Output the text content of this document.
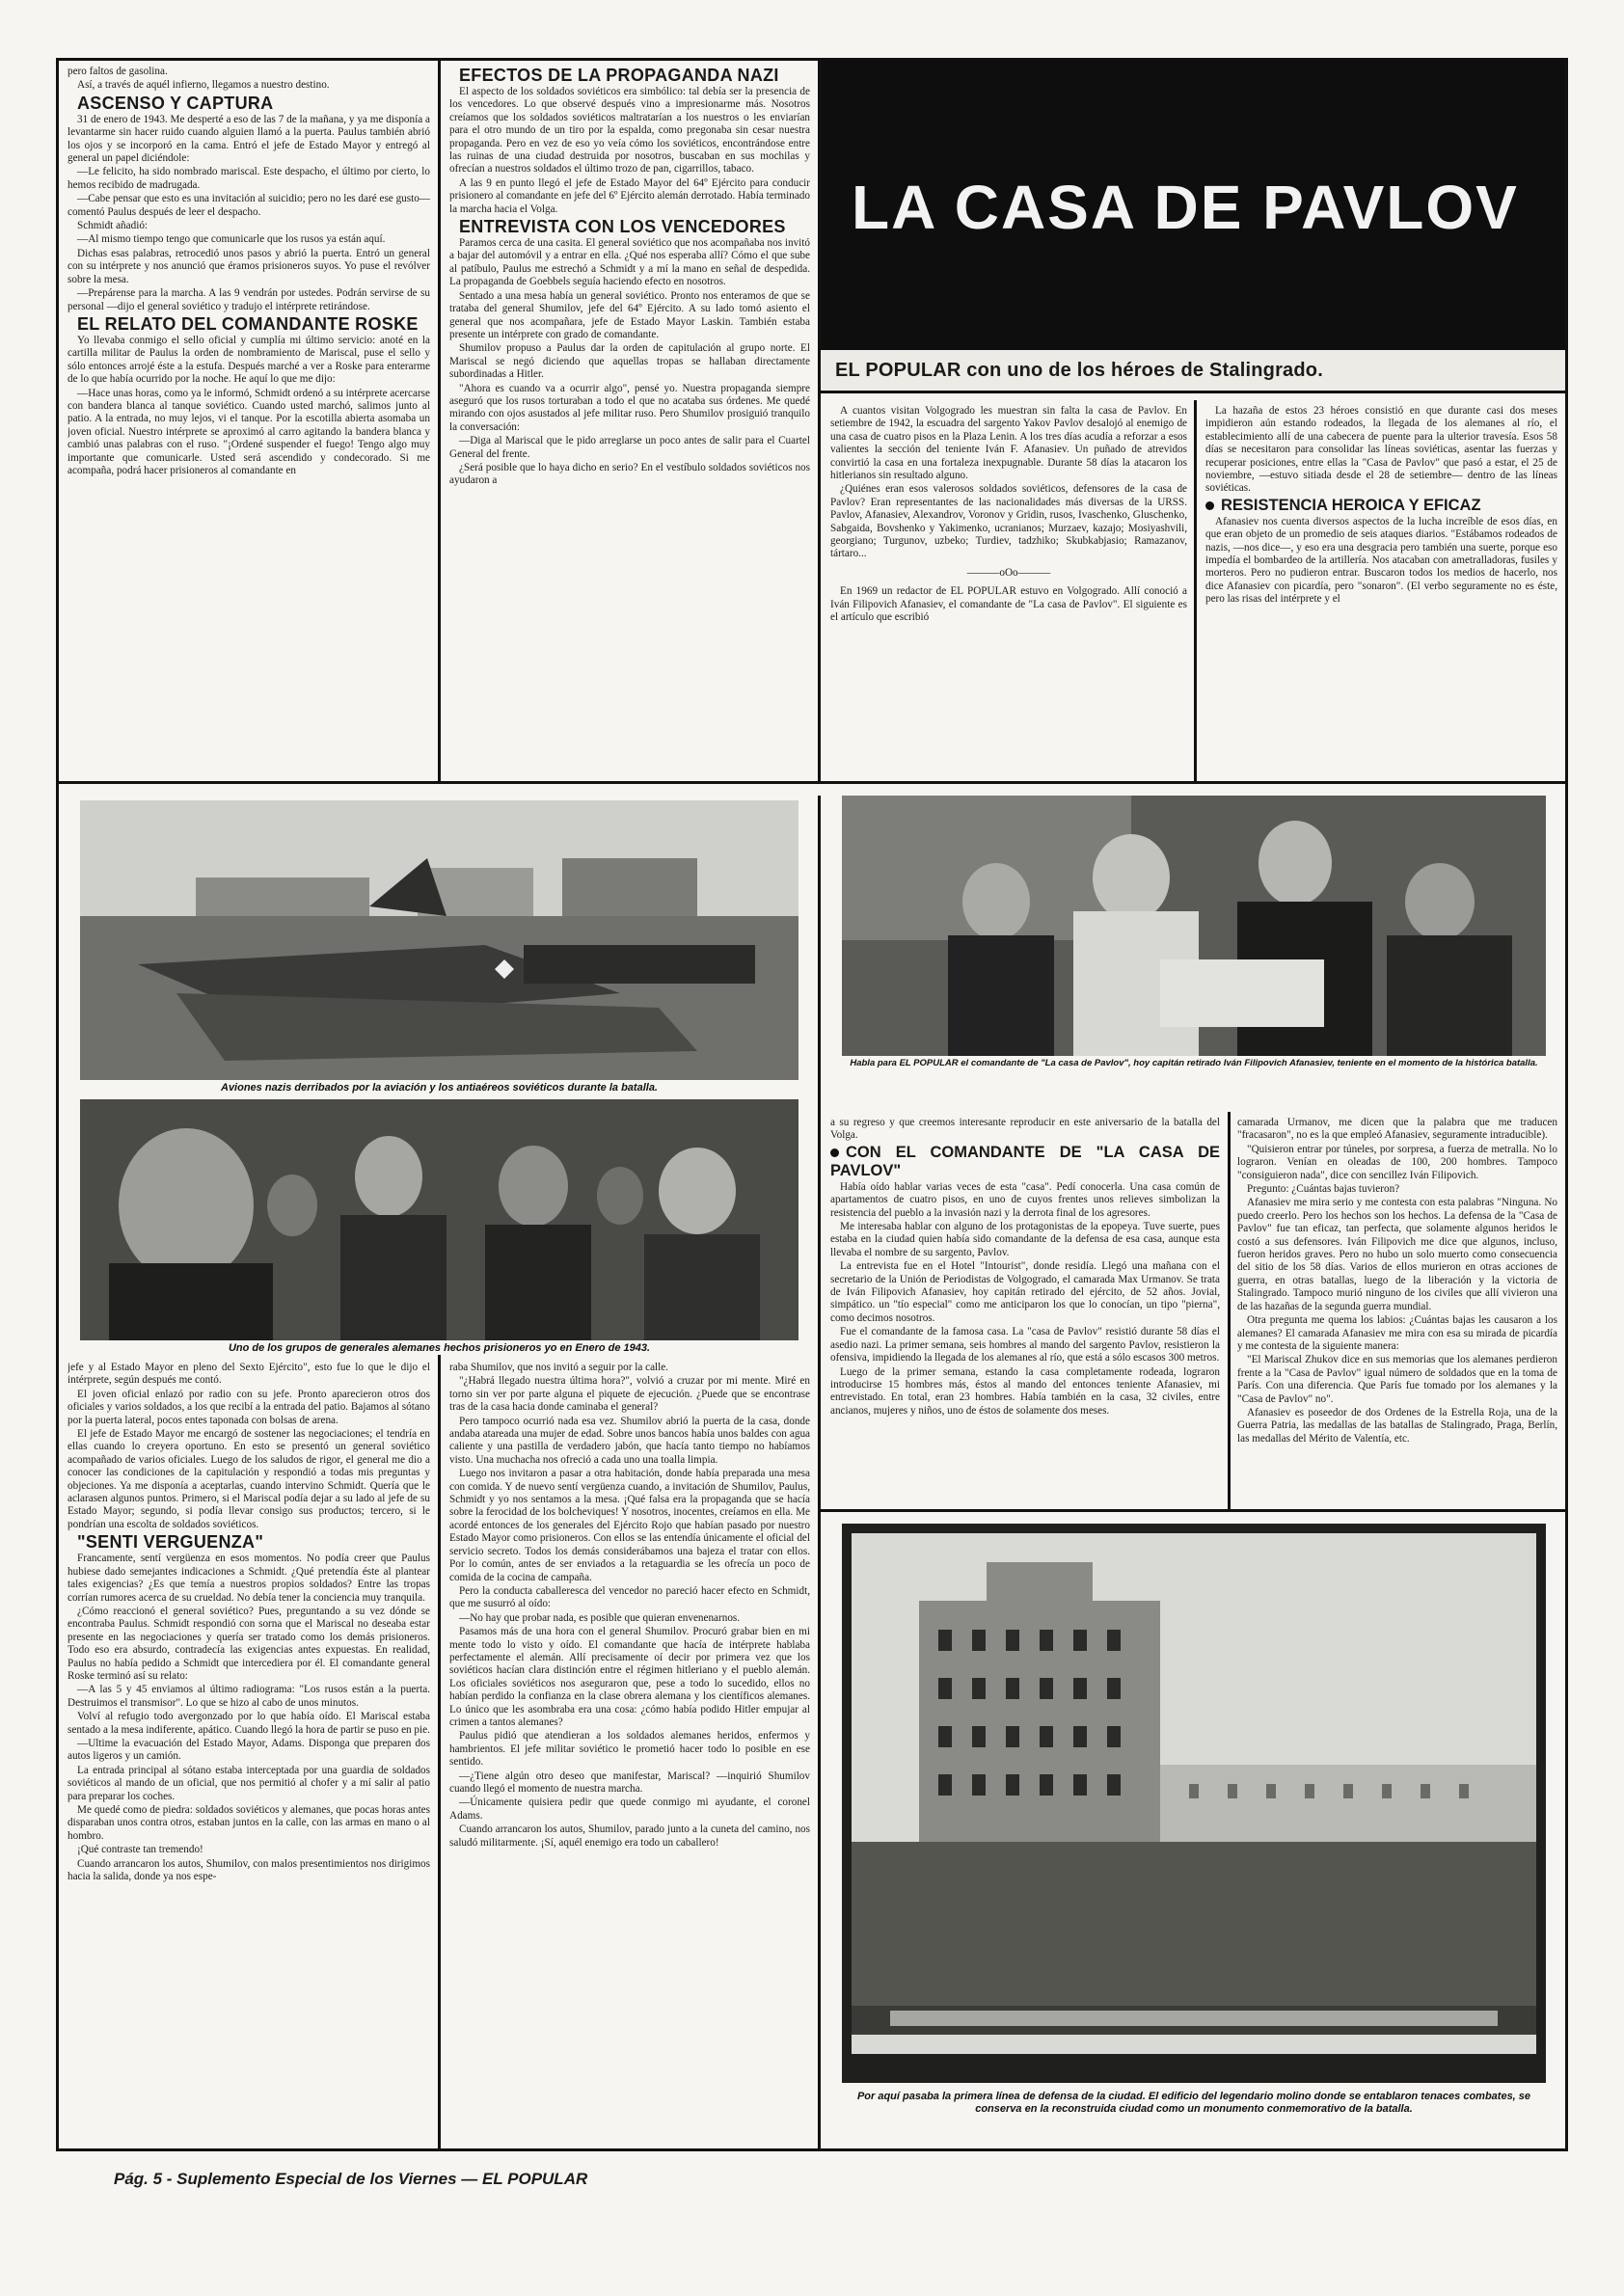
pero faltos de gasolina.

Así, a través de aquél infierno, llegamos a nuestro destino.

ASCENSO Y CAPTURA

31 de enero de 1943. Me desperté a eso de las 7 de la mañana, y ya me disponía a levantarme sin hacer ruido cuando alguien llamó a la puerta. Paulus también abrió los ojos y se incorporó en la cama. Entró el jefe de Estado Mayor y entregó al general un papel diciéndole:

—Le felicito, ha sido nombrado mariscal. Este despacho, el último por cierto, lo hemos recibido de madrugada.

—Cabe pensar que esto es una invitación al suicidio; pero no les daré ese gusto— comentó Paulus después de leer el despacho.

Schmidt añadió:

—Al mismo tiempo tengo que comunicarle que los rusos ya están aquí.

Dichas esas palabras, retrocedió unos pasos y abrió la puerta. Entró un general con su intérprete y nos anunció que éramos prisioneros suyos. Yo puse el revólver sobre la mesa.

—Prepárense para la marcha. A las 9 vendrán por ustedes. Podrán servirse de su personal —dijo el general soviético y tradujo el intérprete retirándose.

EL RELATO DEL COMANDANTE ROSKE

Yo llevaba conmigo el sello oficial y cumplía mi último servicio: anoté en la cartilla militar de Paulus la orden de nombramiento de Mariscal, puse el sello y sólo entonces arrojé éste a la estufa. Después marché a ver a Roske para enterarme de lo que había ocurrido por la noche. He aquí lo que me dijo:

—Hace unas horas, como ya le informó, Schmidt ordenó a su intérprete acercarse con bandera blanca al tanque soviético. Cuando usted marchó, salimos junto al patio. A la entrada, no muy lejos, vi el tanque. Por la escotilla abierta asomaba un joven oficial. Nuestro intérprete se aproximó al carro agitando la bandera blanca y cambió unas palabras con el ruso. "¡Ordené suspender el fuego! Tengo algo muy importante que comunicarle. Usted será ascendido y condecorado. Si me acompaña, podrá hacer prisioneros al comandante en

EFECTOS DE LA PROPAGANDA NAZI

El aspecto de los soldados soviéticos era simbólico: tal debía ser la presencia de los vencedores. Lo que observé después vino a impresionarme más. Nosotros creíamos que los soldados soviéticos maltratarían a los nuestros o les enviarían para el otro mundo de un tiro por la espalda, como pregonaba sin cesar nuestra propaganda. Pero en vez de eso yo veía cómo los soviéticos, encontrándose entre las ruinas de una ciudad destruida por nosotros, buscaban en sus mochilas y ofrecían a nuestros soldados el último trozo de pan, cigarrillos, tabaco.

A las 9 en punto llegó el jefe de Estado Mayor del 64º Ejército para conducir prisionero al comandante en jefe del 6º Ejército alemán derrotado. Había terminado la marcha hacia el Volga.

ENTREVISTA CON LOS VENCEDORES

Paramos cerca de una casita. El general soviético que nos acompañaba nos invitó a bajar del automóvil y a entrar en ella. ¿Qué nos esperaba allí? Cómo el que sube al patíbulo, Paulus me estrechó a Schmidt y a mí la mano en señal de despedida. La propaganda de Goebbels seguía haciendo efecto en nosotros.

Sentado a una mesa había un general soviético. Pronto nos enteramos de que se trataba del general Shumilov, jefe del 64º Ejército. A su lado tomó asiento el general que nos acompañara, jefe de Estado Mayor Laskin. También estaba presente un intérprete con grado de comandante.

Shumilov propuso a Paulus dar la orden de capitulación al grupo norte. El Mariscal se negó diciendo que aquellas tropas se hallaban directamente subordinadas a Hitler.

"Ahora es cuando va a ocurrir algo", pensé yo. Nuestra propaganda siempre aseguró que los rusos torturaban a todo el que no acataba sus órdenes. Me quedé mirando con ojos asustados al jefe militar ruso. Pero Shumilov prosiguió tranquilo la conversación:

—Diga al Mariscal que le pido arreglarse un poco antes de salir para el Cuartel General del frente.

¿Será posible que lo haya dicho en serio? En el vestíbulo soldados soviéticos nos ayudaron a

LA CASA DE PAVLOV
EL POPULAR con uno de los héroes de Stalingrado.

A cuantos visitan Volgogrado les muestran sin falta la casa de Pavlov. En setiembre de 1942, la escuadra del sargento Yakov Pavlov desalojó al enemigo de una casa de cuatro pisos en la Plaza Lenin. A los tres días acudía a reforzar a esos valientes la sección del teniente Iván F. Afanasiev. Un puñado de atrevidos convirtió la casa en una fortaleza inexpugnable. Durante 58 días la atacaron los hitlerianos sin resultado alguno.

¿Quiénes eran esos valerosos soldados soviéticos, defensores de la casa de Pavlov? Eran representantes de las nacionalidades más diversas de la URSS. Pavlov, Afanasiev, Alexandrov, Voronov y Gridin, rusos, Ivaschenko, Gluschenko, Sabgaida, Bovshenko y Yakimenko, ucranianos; Murzaev, kazajo; Mosiyashvili, georgiano; Turgunov, uzbeko; Turdiev, tadzhiko; Skubkabjasio; Ramazanov, tártaro...

———oOo———

En 1969 un redactor de EL POPULAR estuvo en Volgogrado. Allí conoció a Iván Filipovich Afanasiev, el comandante de "La casa de Pavlov". El siguiente es el artículo que escribió

La hazaña de estos 23 héroes consistió en que durante casi dos meses impidieron aún estando rodeados, la llegada de los alemanes al río, el establecimiento allí de una cabecera de puente para la ulterior travesía. Esos 58 días se necesitaron para consolidar las líneas soviéticas, asentar las fuerzas y recuperar posiciones, entre ellas la "Casa de Pavlov" que pasó a estar, el 25 de noviembre, —estuvo sitiada desde el 28 de setiembre— dentro de las líneas soviéticas.

RESISTENCIA HEROICA Y EFICAZ

Afanasiev nos cuenta diversos aspectos de la lucha increíble de esos días, en que eran objeto de un promedio de seis ataques diarios. "Estábamos rodeados de nazis, —nos dice—, y eso era una desgracia pero también una suerte, porque eso impedía el bombardeo de la artillería. Nos atacaban con ametralladoras, fusiles y morteros. Pero no pudieron entrar. Buscaron todos los medios de hacerlo, nos dice Afanasiev con picardía, pero "sonaron". (El verbo seguramente no es éste, pero las risas del intérprete y el

Aviones nazis derribados por la aviación y los antiaéreos soviéticos durante la batalla.
Uno de los grupos de generales alemanes hechos prisioneros yo en Enero de 1943.
Habla para EL POPULAR el comandante de "La casa de Pavlov", hoy capitán retirado Iván Filipovich Afanasiev, teniente en el momento de la histórica batalla.

jefe y al Estado Mayor en pleno del Sexto Ejército", esto fue lo que le dijo el intérprete, según después me contó.

El joven oficial enlazó por radio con su jefe. Pronto aparecieron otros dos oficiales y varios soldados, a los que recibí a la entrada del patio. Bajamos al sótano por la puerta lateral, pocos entes taponada con bolsas de arena.

El jefe de Estado Mayor me encargó de sostener las negociaciones; el tendría en ellas cuando lo creyera oportuno. En esto se presentó un general soviético acompañado de varios oficiales. Luego de los saludos de rigor, el general me dio a conocer las condiciones de la capitulación y respondió a todas mis preguntas y objeciones. Ya me disponía a aceptarlas, cuando intervino Schmidt. Quería que le aclarasen algunos puntos. Primero, si el Mariscal podía dejar a su lado al jefe de su Estado Mayor; segundo, si podía llevar consigo sus productos; tercero, si le pondrían una escolta de soldados soviéticos.

"SENTI VERGUENZA"

Francamente, sentí vergüenza en esos momentos. No podía creer que Paulus hubiese dado semejantes indicaciones a Schmidt. ¿Qué pretendía éste al plantear tales exigencias? ¿Es que temía a nuestros propios soldados? Entre las tropas corrían rumores acerca de su crueldad. No debía tener la conciencia muy tranquila.

¿Cómo reaccionó el general soviético? Pues, preguntando a su vez dónde se encontraba Paulus. Schmidt respondió con sorna que el Mariscal no deseaba estar presente en las negociaciones y quería ser tratado como los demás prisioneros. Todo eso era absurdo, contradecía las exigencias antes expuestas. En realidad, Paulus no había pedido a Schmidt que intercediera por él. El comandante general Roske terminó así su relato:

—A las 5 y 45 enviamos al último radiograma: "Los rusos están a la puerta. Destruimos el transmisor". Lo que se hizo al cabo de unos minutos.

Volví al refugio todo avergonzado por lo que había oído. El Mariscal estaba sentado a la mesa indiferente, apático. Cuando llegó la hora de partir se puso en pie.

—Ultime la evacuación del Estado Mayor, Adams. Disponga que preparen dos autos ligeros y un camión.

La entrada principal al sótano estaba interceptada por una guardia de soldados soviéticos al mando de un oficial, que nos permitió al chofer y a mí salir al patio para preparar los coches.

Me quedé como de piedra: soldados soviéticos y alemanes, que pocas horas antes disparaban unos contra otros, estaban juntos en la calle, con las armas en mano o al hombro.

¡Qué contraste tan tremendo!

Cuando arrancaron los autos, Shumilov, con malos presentimientos nos dirigimos hacia la salida, donde ya nos espe-

raba Shumilov, que nos invitó a seguir por la calle.

"¿Habrá llegado nuestra última hora?", volvió a cruzar por mi mente. Miré en torno sin ver por parte alguna el piquete de ejecución. ¿Puede que se encontrase tras de la casa hacia donde caminaba el general?

Pero tampoco ocurrió nada esa vez. Shumilov abrió la puerta de la casa, donde andaba atareada una mujer de edad. Sobre unos bancos había unos baldes con agua caliente y una pastilla de verdadero jabón, que hacía tanto tiempo no habíamos visto. Una muchacha nos ofreció a cada uno una toalla limpia.

Luego nos invitaron a pasar a otra habitación, donde había preparada una mesa con comida. Y de nuevo sentí vergüenza cuando, a invitación de Shumilov, Paulus, Schmidt y yo nos sentamos a la mesa. ¡Qué falsa era la propaganda que se hacía sobre la ferocidad de los bolcheviques! Y nosotros, inocentes, creíamos en ella. Me acordé entonces de los generales del Ejército Rojo que habían pasado por nuestro Estado Mayor como prisioneros. Con ellos se las entendía únicamente el oficial del servicio secreto. Todos los demás considerábamos una bajeza el tratar con ellos. Por lo común, antes de ser enviados a la retaguardia se les ofrecía un poco de comida de la cocina de campaña.

Pero la conducta caballeresca del vencedor no pareció hacer efecto en Schmidt, que me susurró al oído:

—No hay que probar nada, es posible que quieran envenenarnos.

Pasamos más de una hora con el general Shumilov. Procuró grabar bien en mi mente todo lo visto y oído. El comandante que hacía de intérprete hablaba perfectamente el alemán. Allí precisamente oí decir por primera vez que los soviéticos hacían clara distinción entre el régimen hitleriano y el pueblo alemán. Los oficiales soviéticos nos aseguraron que, pese a todo lo sucedido, ellos no habían perdido la confianza en la clase obrera alemana y los científicos alemanes. Lo único que les asombraba era una cosa: ¿cómo había podido Hitler empujar al crimen a tantos alemanes?

Paulus pidió que atendieran a los soldados alemanes heridos, enfermos y hambrientos. El jefe militar soviético le prometió hacer todo lo posible en ese sentido.

—¿Tiene algún otro deseo que manifestar, Mariscal? —inquirió Shumilov cuando llegó el momento de nuestra marcha.

—Únicamente quisiera pedir que quede conmigo mi ayudante, el coronel Adams.

Cuando arrancaron los autos, Shumilov, parado junto a la cuneta del camino, nos saludó militarmente. ¡Sí, aquél enemigo era todo un caballero!

a su regreso y que creemos interesante reproducir en este aniversario de la batalla del Volga.

CON EL COMANDANTE DE "LA CASA DE PAVLOV"

Había oído hablar varias veces de esta "casa". Pedí conocerla. Una casa común de apartamentos de cuatro pisos, en uno de cuyos frentes unos relieves simbolizan la resistencia del pueblo a la invasión nazi y la derrota final de los agresores.

Me interesaba hablar con alguno de los protagonistas de la epopeya. Tuve suerte, pues estaba en la ciudad quien había sido comandante de la defensa de esa casa, aunque esta llevaba el nombre de su sargento, Pavlov.

La entrevista fue en el Hotel "Intourist", donde residía. Llegó una mañana con el secretario de la Unión de Periodistas de Volgogrado, el camarada Max Urmanov. Se trata de Iván Filipovich Afanasiev, hoy capitán retirado del ejército, de 52 años. Jovial, simpático. un "tío especial" como me anticiparon los que lo conocían, un tipo "pierna", como decimos nosotros.

Fue el comandante de la famosa casa. La "casa de Pavlov" resistió durante 58 días el asedio nazi. La primer semana, seis hombres al mando del sargento Pavlov, resistieron la ofensiva, impidiendo la llegada de los alemanes al río, que está a sólo escasos 300 metros.

Luego de la primer semana, estando la casa completamente rodeada, lograron introducirse 15 hombres más, éstos al mando del entonces teniente Afanasiev, mi entrevistado. En total, eran 23 hombres. Había también en la casa, 32 civiles, entre ancianos, mujeres y niños, uno de éstos de solamente dos meses.

camarada Urmanov, me dicen que la palabra que me traducen "fracasaron", no es la que empleó Afanasiev, seguramente intraducible).

"Quisieron entrar por túneles, por sorpresa, a fuerza de metralla. No lo lograron. Venían en oleadas de 100, 200 hombres. Tampoco "consiguieron nada", dice con sencillez Iván Filipovich.

Pregunto: ¿Cuántas bajas tuvieron?

Afanasiev me mira serio y me contesta con esta palabras "Ninguna. No puedo creerlo. Pero los hechos son los hechos. La defensa de la "Casa de Pavlov" fue tan eficaz, tan perfecta, que solamente algunos heridos le costó a sus defensores. Iván Filipovich me dice que algunos, incluso, fueron heridos graves. Pero no hubo un solo muerto como consecuencia del sitio de los 58 días. Varios de ellos murieron en otras acciones de guerra, en otras batallas, luego de la liberación y la victoria de Stalingrado. Tampoco murió ninguno de los civiles que allí vivieron una de las hazañas de la segunda guerra mundial.

Otra pregunta me quema los labios: ¿Cuántas bajas les causaron a los alemanes? El camarada Afanasiev me mira con esa su mirada de picardía y me contesta de la siguiente manera:

"El Mariscal Zhukov dice en sus memorias que los alemanes perdieron frente a la "Casa de Pavlov" igual número de soldados que en la toma de París. Con una diferencia. Que París fue tomado por los alemanes y la "Casa de Pavlov" no".

Afanasiev es poseedor de dos Ordenes de la Estrella Roja, una de la Guerra Patria, las medallas de las batallas de Stalingrado, Praga, Berlín, las medallas del Mérito de Valentía, etc.

Por aquí pasaba la primera línea de defensa de la ciudad. El edificio del legendario molino donde se entablaron tenaces combates, se conserva en la reconstruida ciudad como un monumento conmemorativo de la batalla.
Pág. 5 - Suplemento Especial de los Viernes — EL POPULAR
